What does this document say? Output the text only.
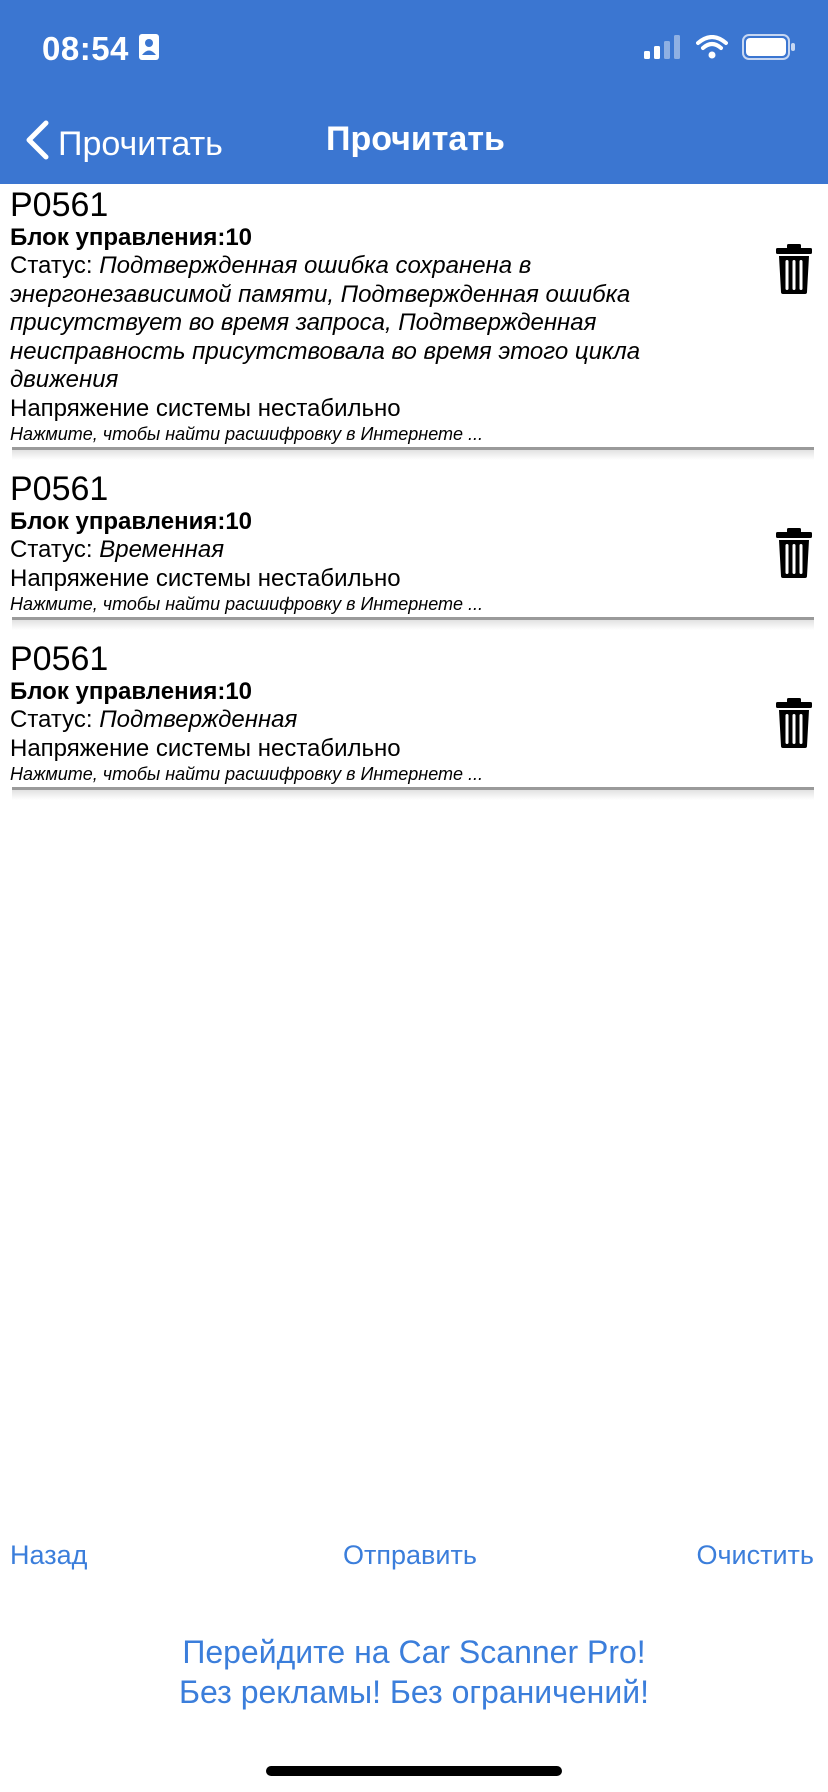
08:54
Прочитать	Прочитать
P0561
Блок управления:10
Статус: Подтвержденная ошибка сохранена в энергонезависимой памяти, Подтвержденная ошибка присутствует во время запроса, Подтвержденная неисправность присутствовала во время этого цикла движения
Напряжение системы нестабильно
Нажмите, чтобы найти расшифровку в Интернете ...
P0561
Блок управления:10
Статус: Временная
Напряжение системы нестабильно
Нажмите, чтобы найти расшифровку в Интернете ...
P0561
Блок управления:10
Статус: Подтвержденная
Напряжение системы нестабильно
Нажмите, чтобы найти расшифровку в Интернете ...
Назад	Отправить	Очистить
Перейдите на Car Scanner Pro!
Без рекламы! Без ограничений!
